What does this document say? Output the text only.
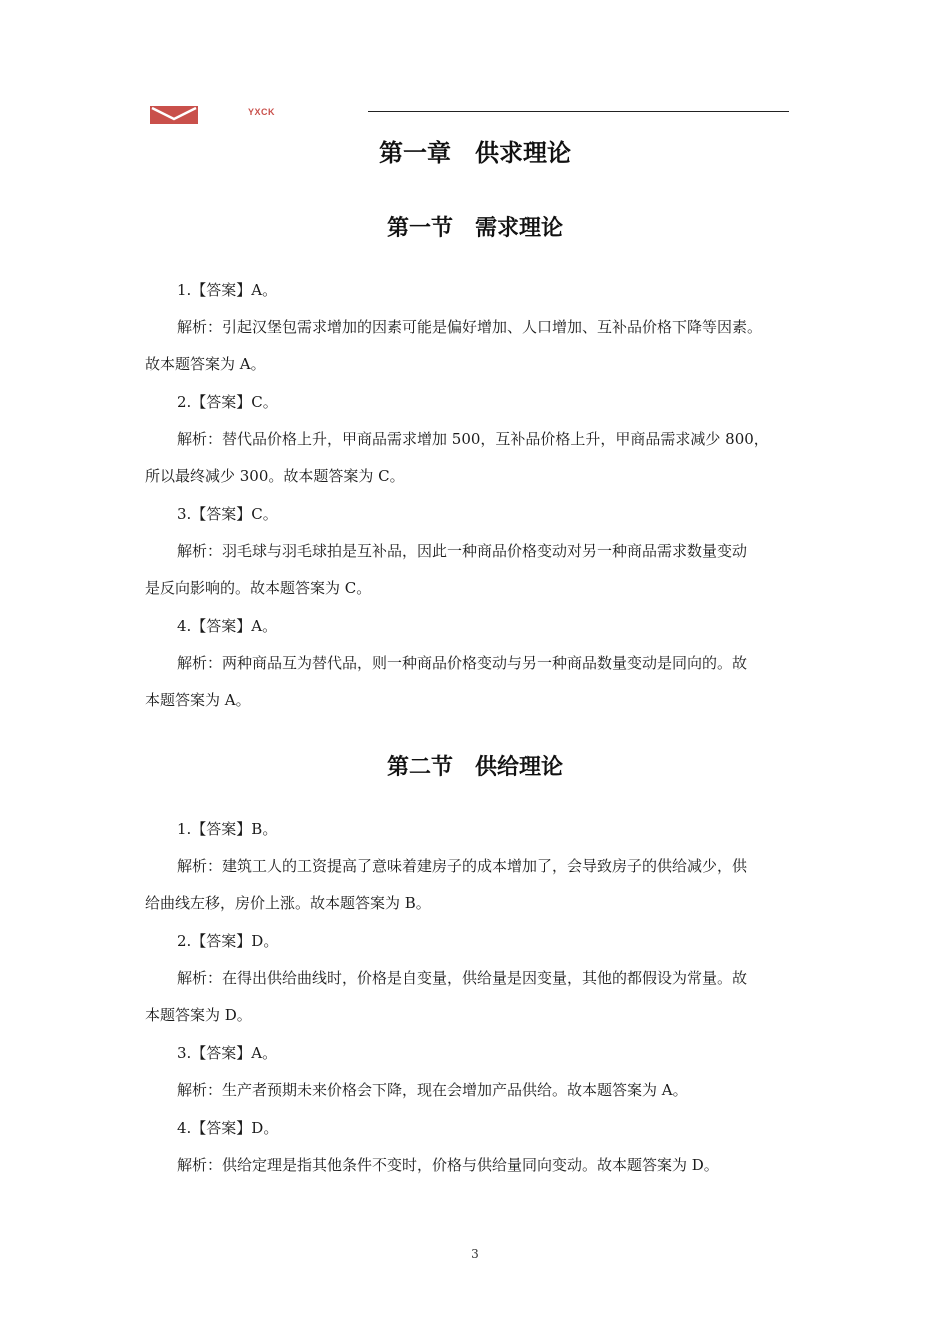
YXCK
第一章　供求理论
第一节　需求理论
1.【答案】A。
解析：引起汉堡包需求增加的因素可能是偏好增加、人口增加、互补品价格下降等因素。
故本题答案为 A。
2.【答案】C。
解析：替代品价格上升，甲商品需求增加 500，互补品价格上升，甲商品需求减少 800，
所以最终减少 300。故本题答案为 C。
3.【答案】C。
解析：羽毛球与羽毛球拍是互补品，因此一种商品价格变动对另一种商品需求数量变动
是反向影响的。故本题答案为 C。
4.【答案】A。
解析：两种商品互为替代品，则一种商品价格变动与另一种商品数量变动是同向的。故
本题答案为 A。
第二节　供给理论
1.【答案】B。
解析：建筑工人的工资提高了意味着建房子的成本增加了，会导致房子的供给减少，供
给曲线左移，房价上涨。故本题答案为 B。
2.【答案】D。
解析：在得出供给曲线时，价格是自变量，供给量是因变量，其他的都假设为常量。故
本题答案为 D。
3.【答案】A。
解析：生产者预期未来价格会下降，现在会增加产品供给。故本题答案为 A。
4.【答案】D。
解析：供给定理是指其他条件不变时，价格与供给量同向变动。故本题答案为 D。
3
